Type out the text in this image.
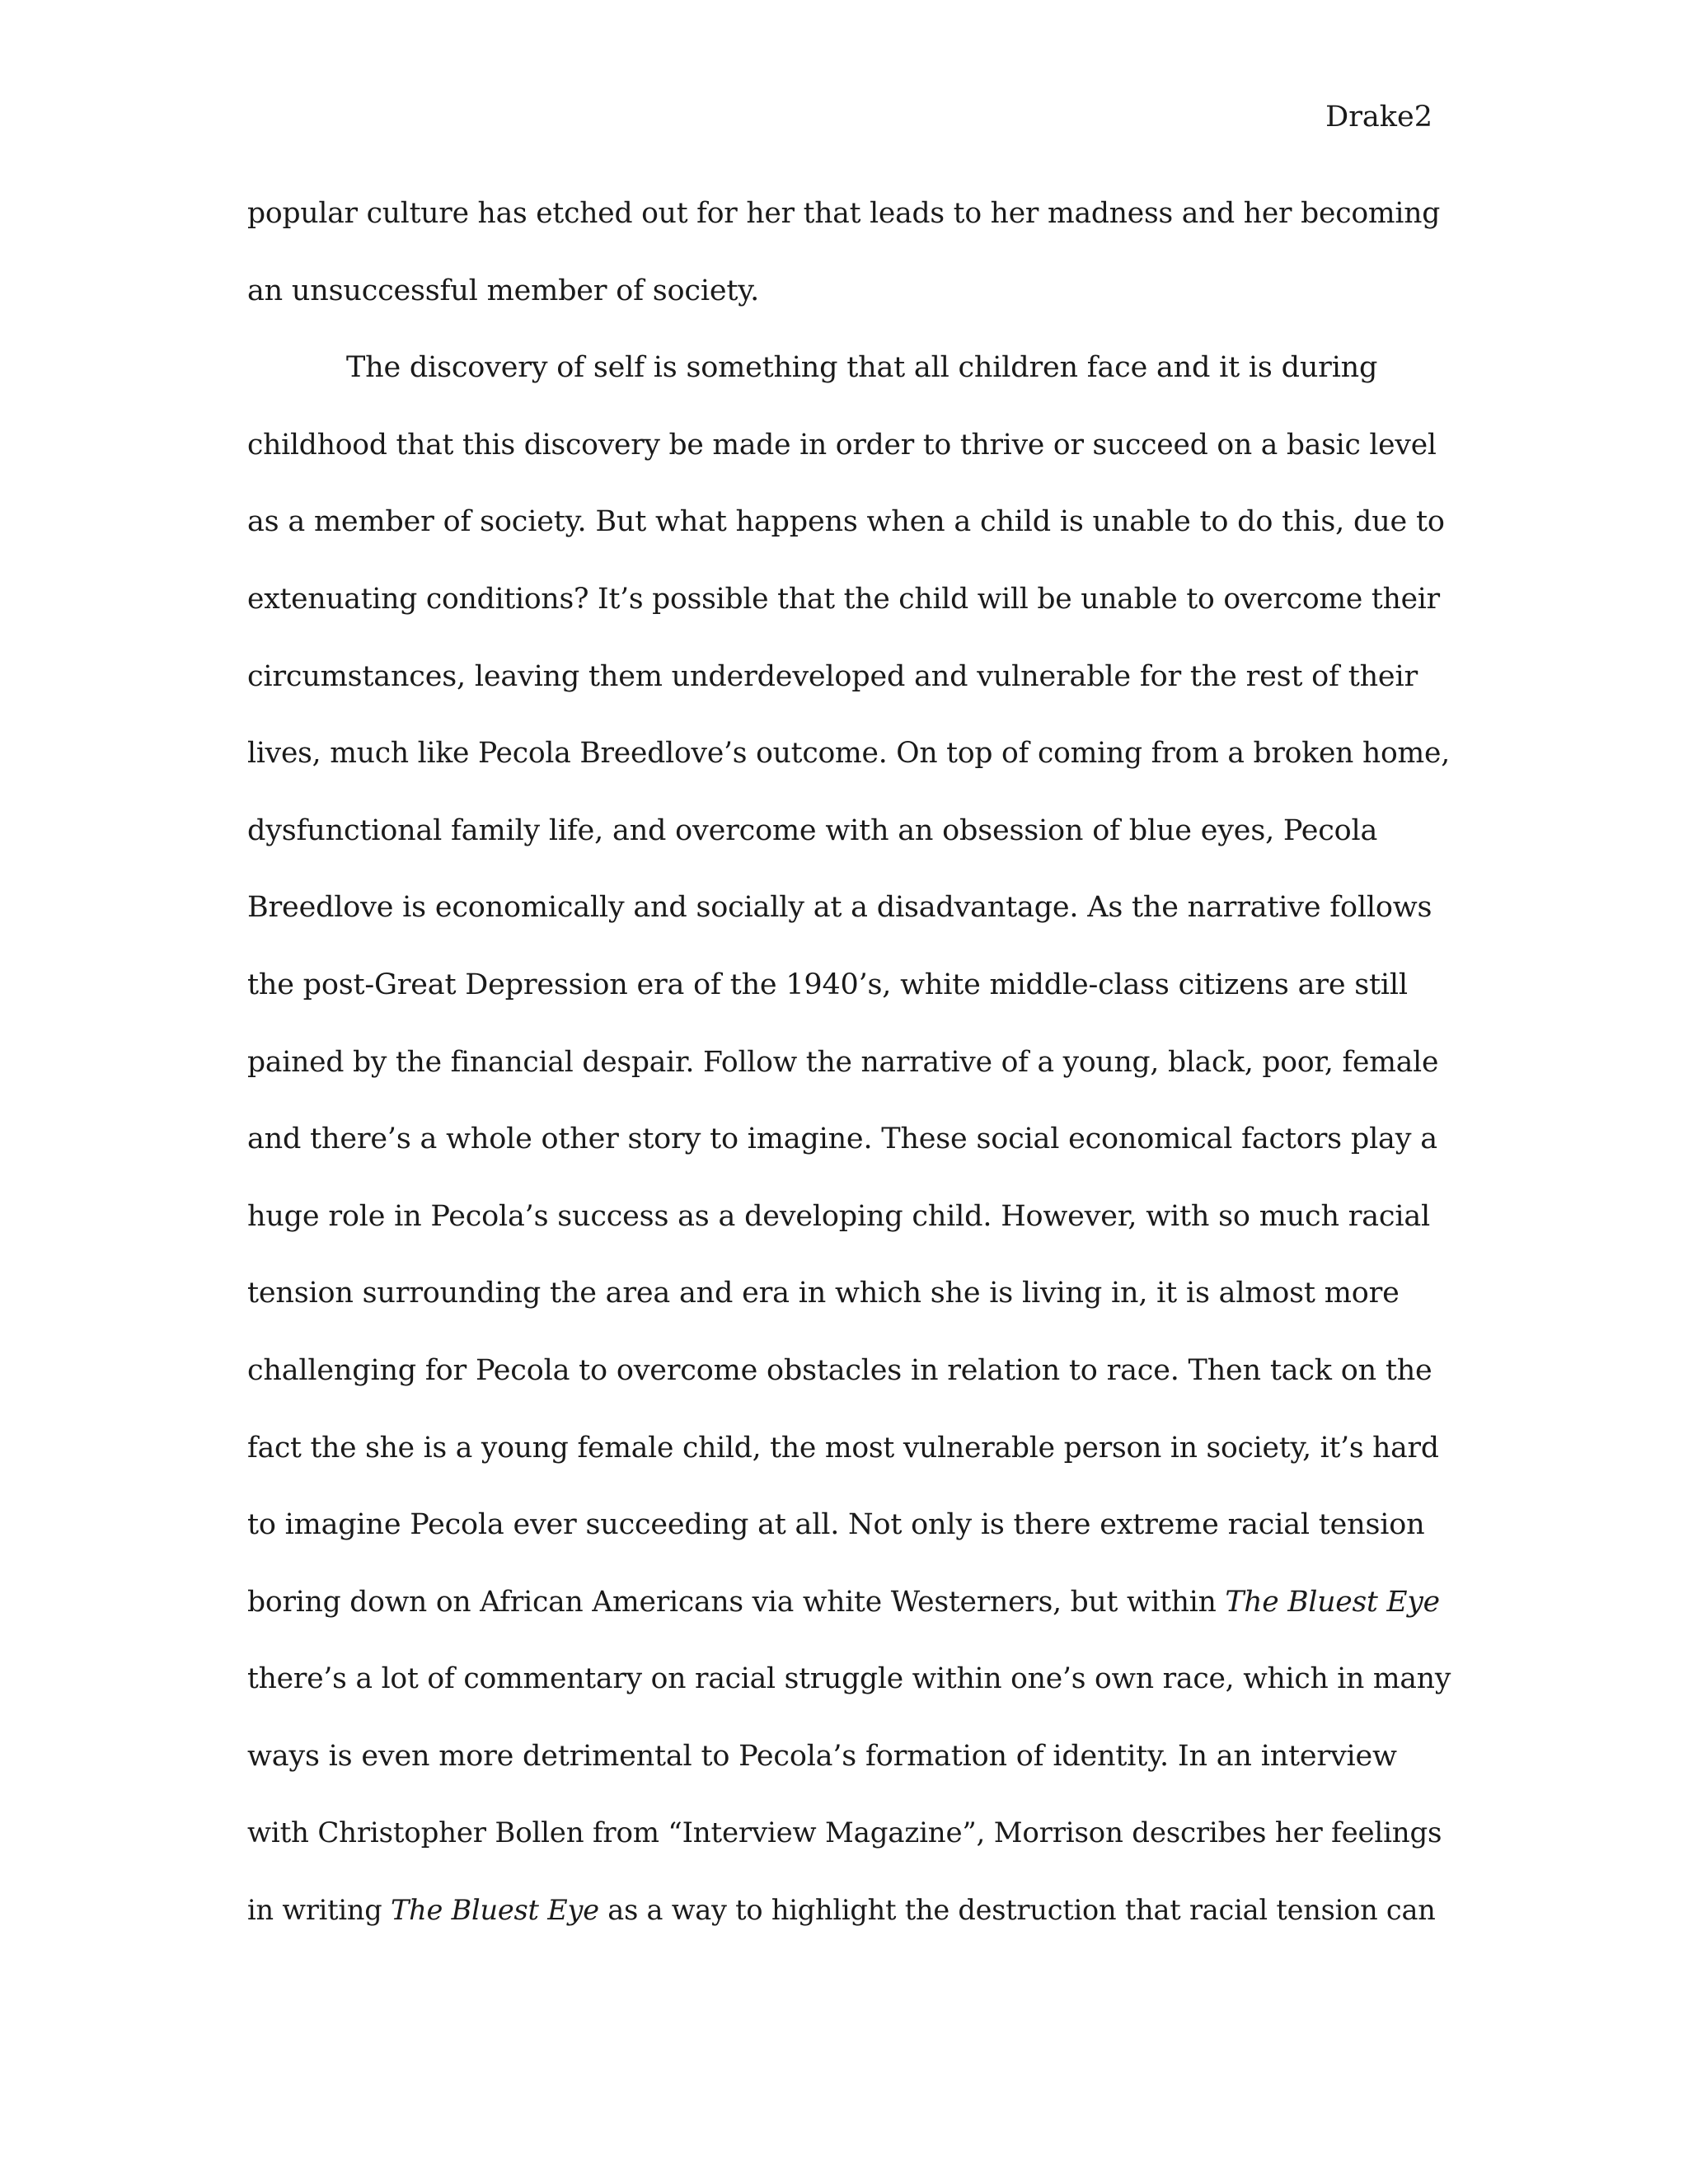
Drake2
popular culture has etched out for her that leads to her madness and her becoming
an unsuccessful member of society.
The discovery of self is something that all children face and it is during
childhood that this discovery be made in order to thrive or succeed on a basic level
as a member of society. But what happens when a child is unable to do this, due to
extenuating conditions? It’s possible that the child will be unable to overcome their
circumstances, leaving them underdeveloped and vulnerable for the rest of their
lives, much like Pecola Breedlove’s outcome. On top of coming from a broken home,
dysfunctional family life, and overcome with an obsession of blue eyes, Pecola
Breedlove is economically and socially at a disadvantage. As the narrative follows
the post-Great Depression era of the 1940’s, white middle-class citizens are still
pained by the financial despair. Follow the narrative of a young, black, poor, female
and there’s a whole other story to imagine. These social economical factors play a
huge role in Pecola’s success as a developing child. However, with so much racial
tension surrounding the area and era in which she is living in, it is almost more
challenging for Pecola to overcome obstacles in relation to race. Then tack on the
fact the she is a young female child, the most vulnerable person in society, it’s hard
to imagine Pecola ever succeeding at all. Not only is there extreme racial tension
boring down on African Americans via white Westerners, but within The Bluest Eye
there’s a lot of commentary on racial struggle within one’s own race, which in many
ways is even more detrimental to Pecola’s formation of identity. In an interview
with Christopher Bollen from “Interview Magazine”, Morrison describes her feelings
in writing The Bluest Eye as a way to highlight the destruction that racial tension can
